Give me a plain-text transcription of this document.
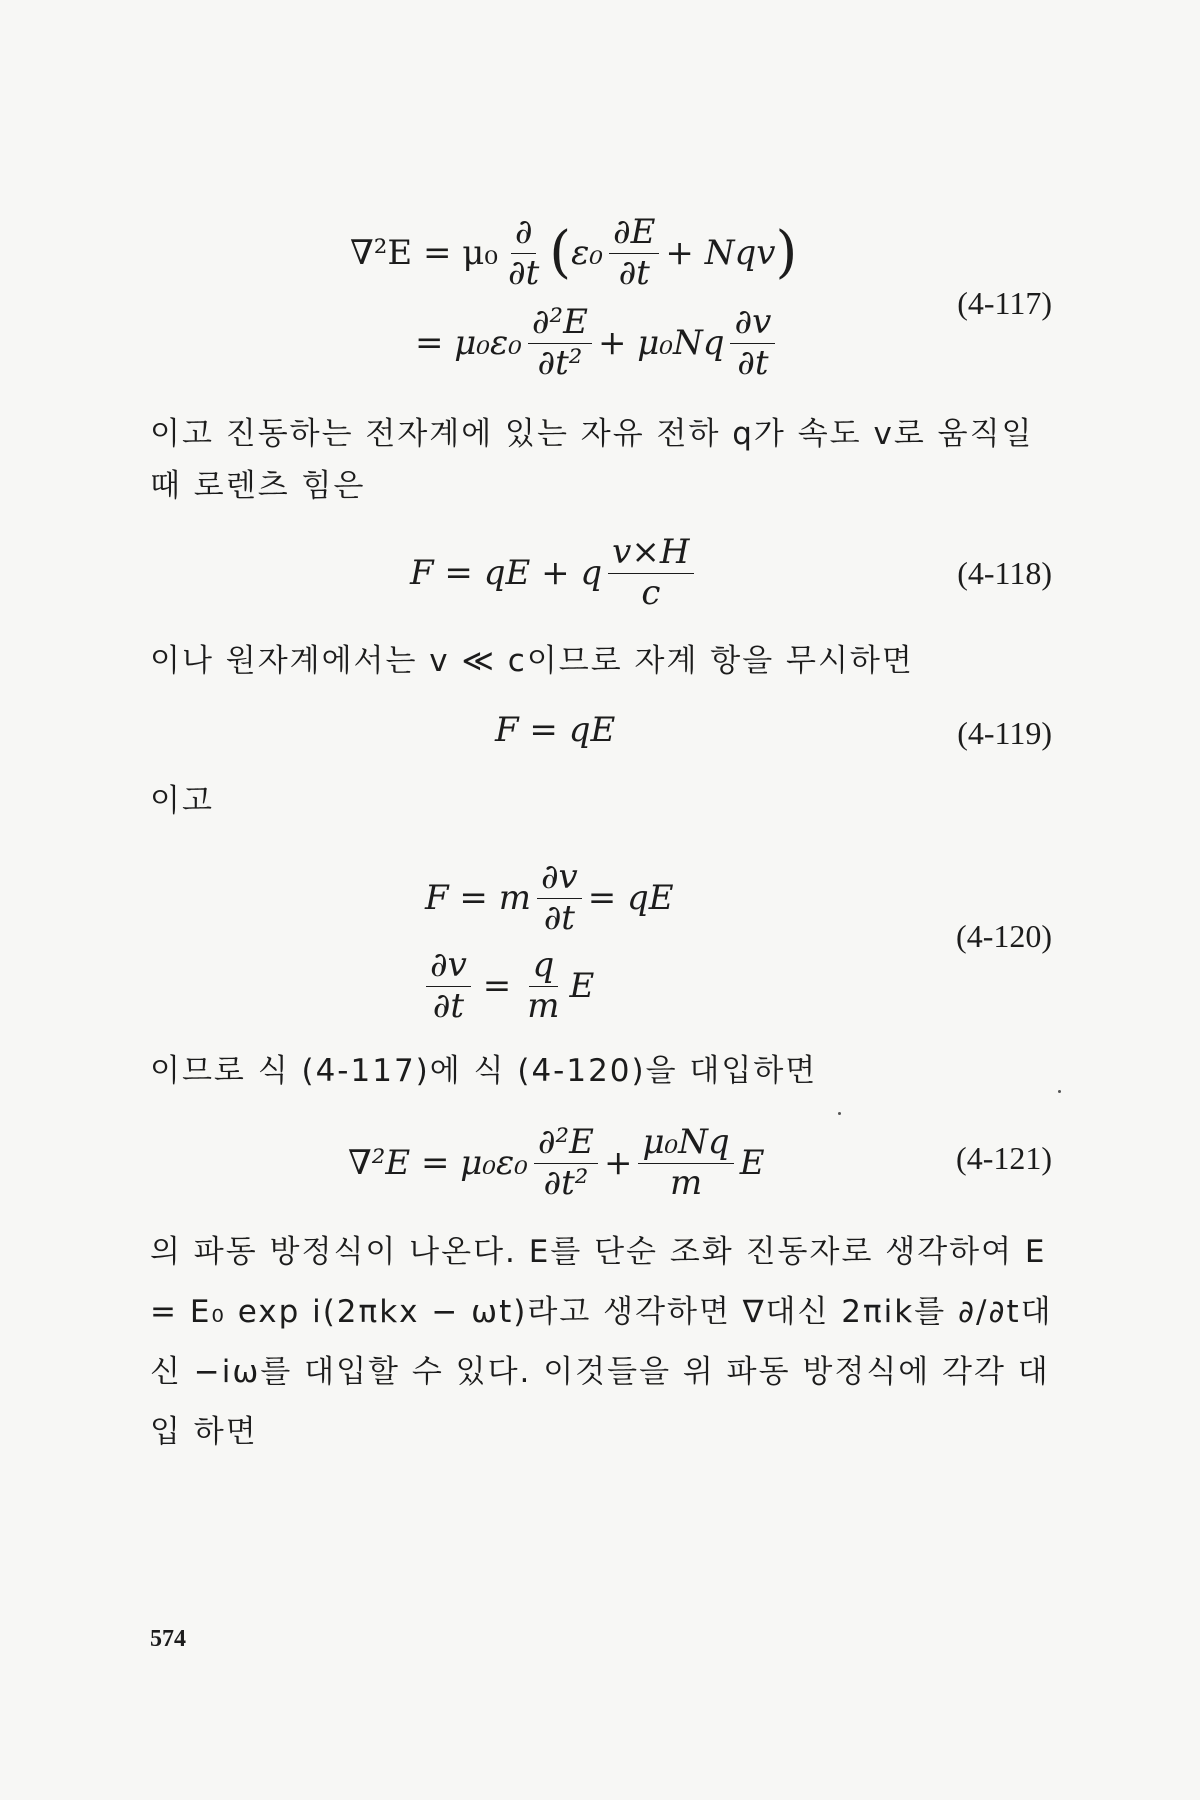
$\nabla^2E = \mu_0 \frac{\partial}{\partial t}$ ( $\varepsilon_0 \frac{\partial E}{\partial t}$ + Nqv )
= $\mu_0\varepsilon_0 \frac{\text{∂²E}}{\text{∂t²}} + \mu_0Nq \frac{\partial v}{\partial t}$
(4-117)
이고 진동하는 전자계에 있는 자유 전하 q가 속도 v로 움직일 때 로렌츠 힘은
F = qE + q $\frac{v\times H}{c}$	(4-118)
이나 원자계에서는 v ≪ c이므로 자계 항을 무시하면
F = qE	(4-119)
이고
F = m $\frac{\partial v}{\partial t}$ = qE
$\frac{\partial v}{\partial t} = \frac{q}{m}$ E
(4-120)
이므로 식 (4-117)에 식 (4-120)을 대입하면
$\nabla^2E = \mu_0\varepsilon_0 \frac{\text{∂²E}}{\text{∂t²}} + \frac{\text{μ₀Nq}}{m}$ E	(4-121)
의 파동 방정식이 나온다. E를 단순 조화 진동자로 생각하여 E = E₀ exp i(2πkx − ωt)라고 생각하면 ∇대신 2πik를 ∂/∂t대신 −iω를 대입할 수 있다. 이것들을 위 파동 방정식에 각각 대입 하면
574
